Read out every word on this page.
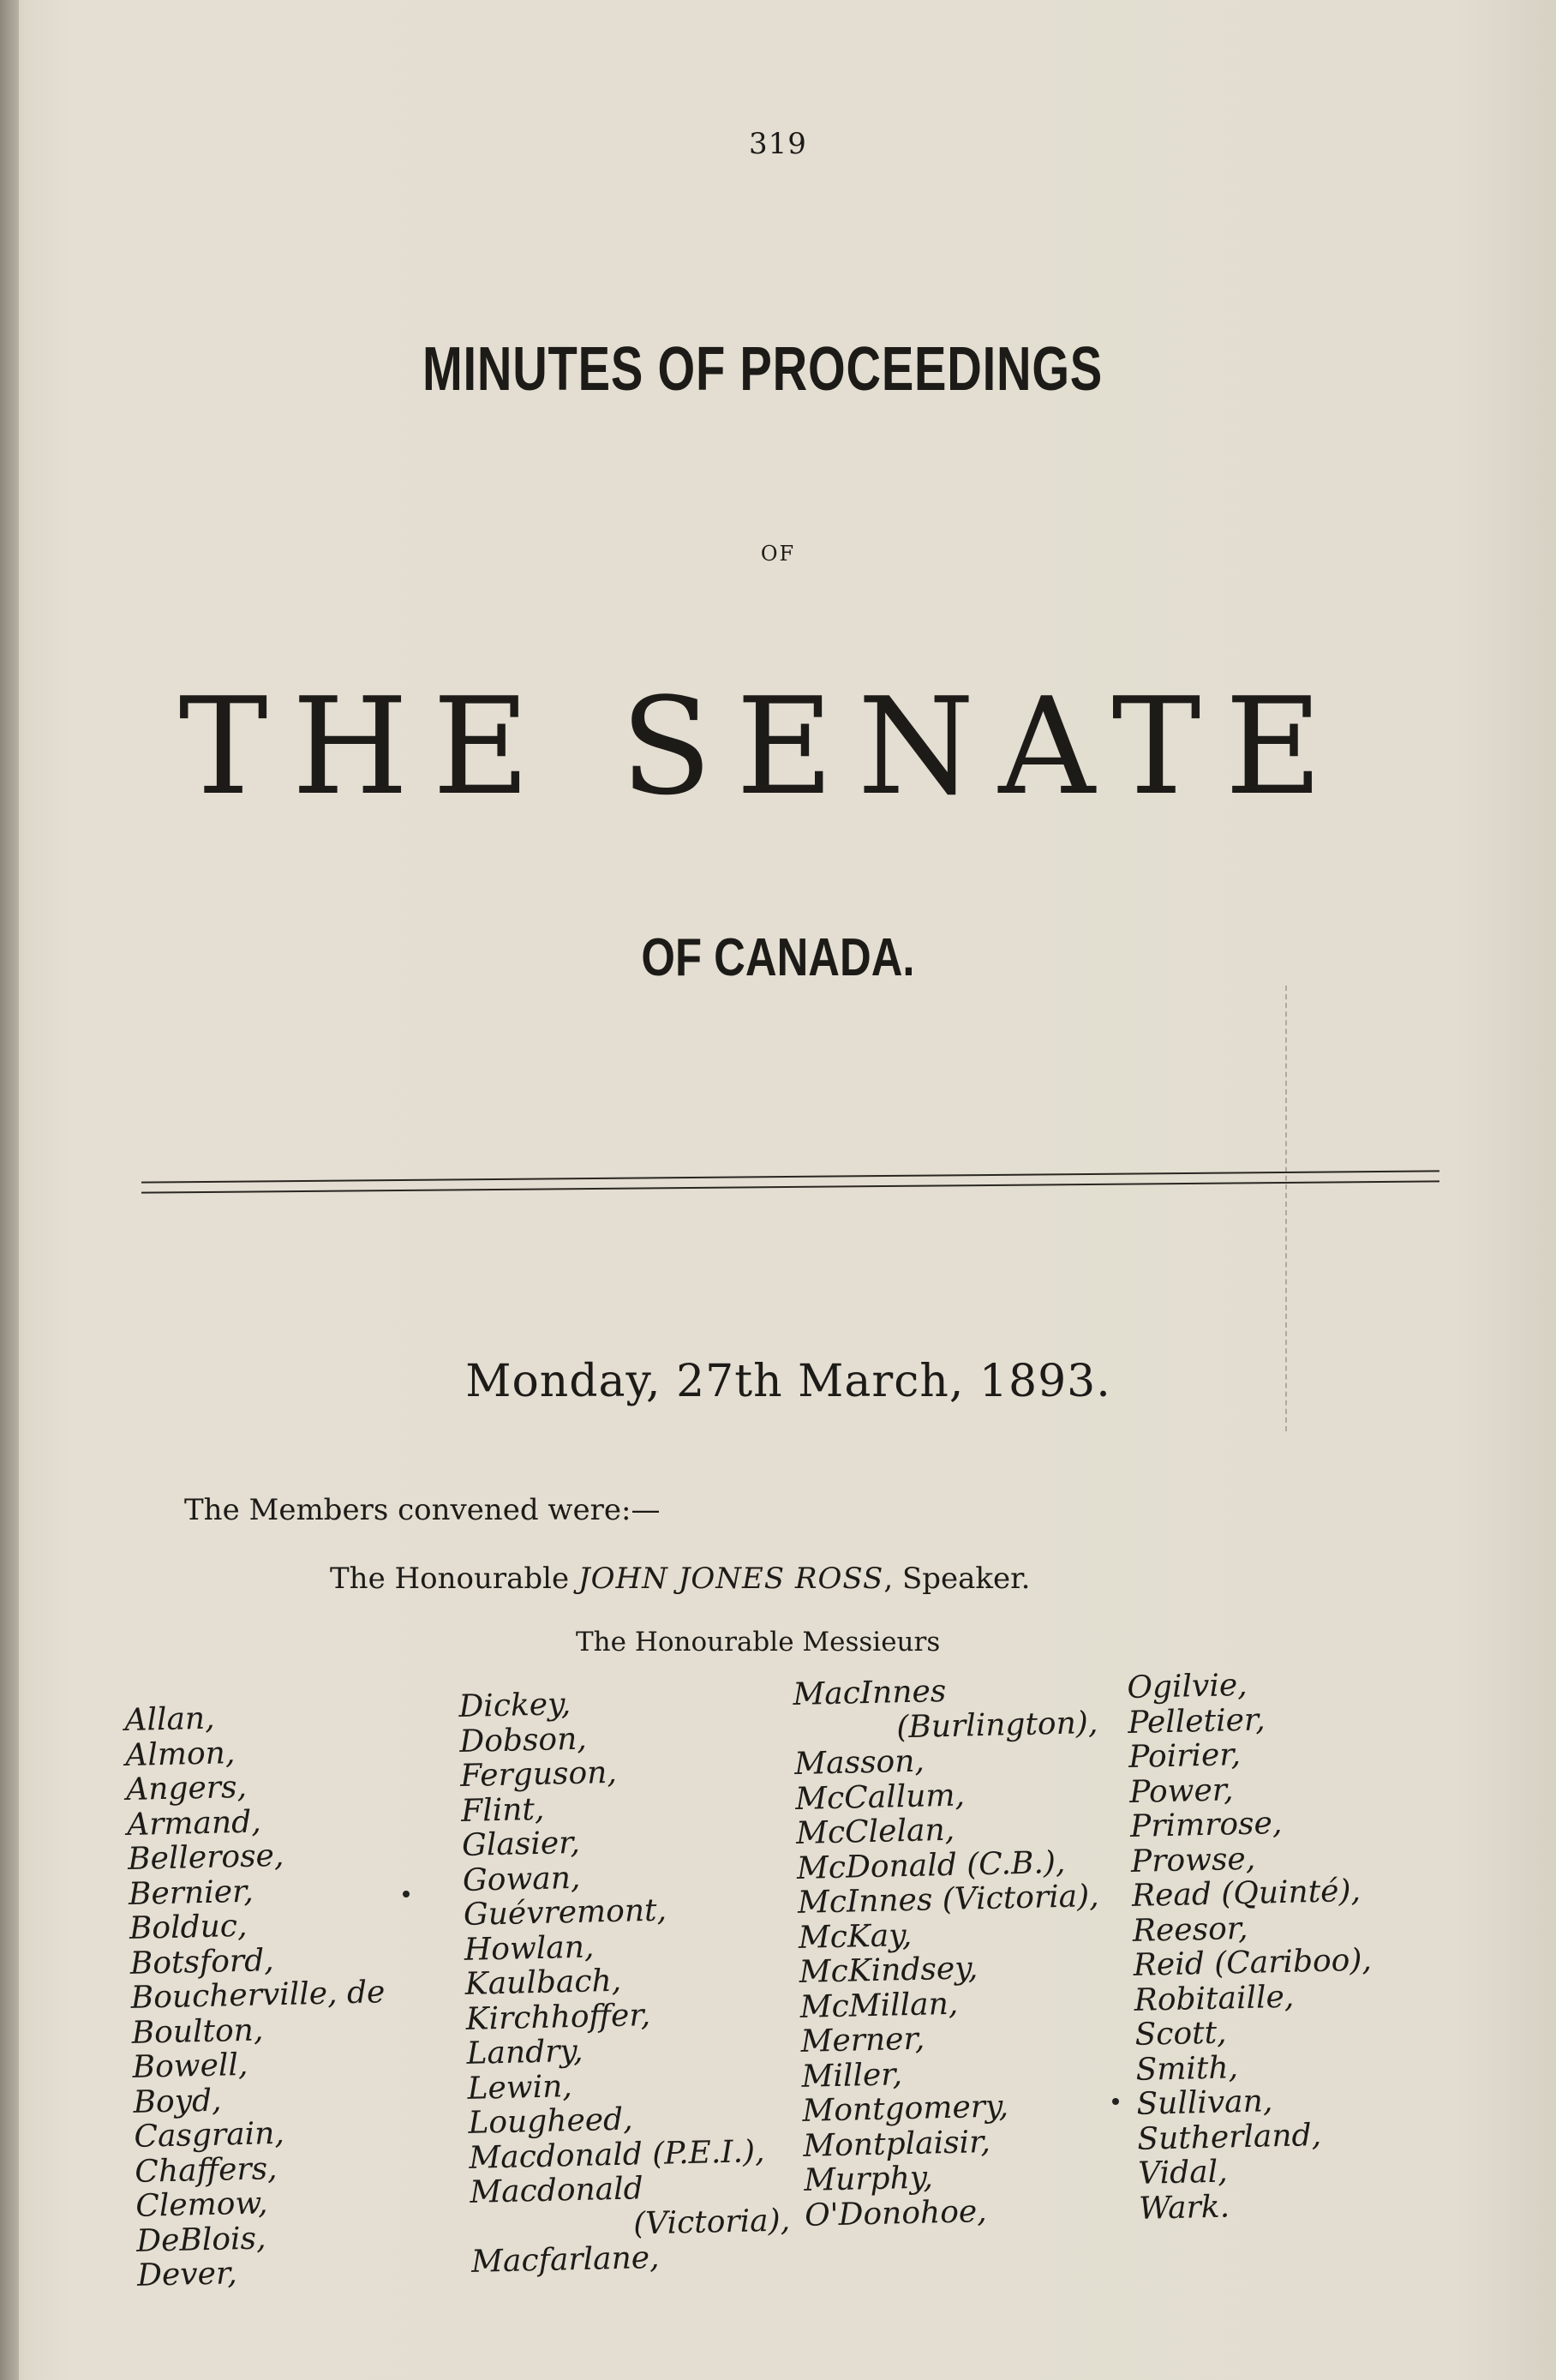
319
MINUTES OF PROCEEDINGS
OF
THE SENATE
OF CANADA.
Monday, 27th March, 1893.
The Members convened were:—
The Honourable JOHN JONES ROSS, Speaker.
The Honourable Messieurs
Allan,
Almon,
Angers,
Armand,
Bellerose,
Bernier,
Bolduc,
Botsford,
Boucherville, de
Boulton,
Bowell,
Boyd,
Casgrain,
Chaffers,
Clemow,
DeBlois,
Dever,
Dickey,
Dobson,
Ferguson,
Flint,
Glasier,
Gowan,
Guévremont,
Howlan,
Kaulbach,
Kirchhoffer,
Landry,
Lewin,
Lougheed,
Macdonald (P.E.I.),
Macdonald
(Victoria),
Macfarlane,
MacInnes
(Burlington),
Masson,
McCallum,
McClelan,
McDonald (C.B.),
McInnes (Victoria),
McKay,
McKindsey,
McMillan,
Merner,
Miller,
Montgomery,
Montplaisir,
Murphy,
O'Donohoe,
Ogilvie,
Pelletier,
Poirier,
Power,
Primrose,
Prowse,
Read (Quinté),
Reesor,
Reid (Cariboo),
Robitaille,
Scott,
Smith,
Sullivan,
Sutherland,
Vidal,
Wark.
